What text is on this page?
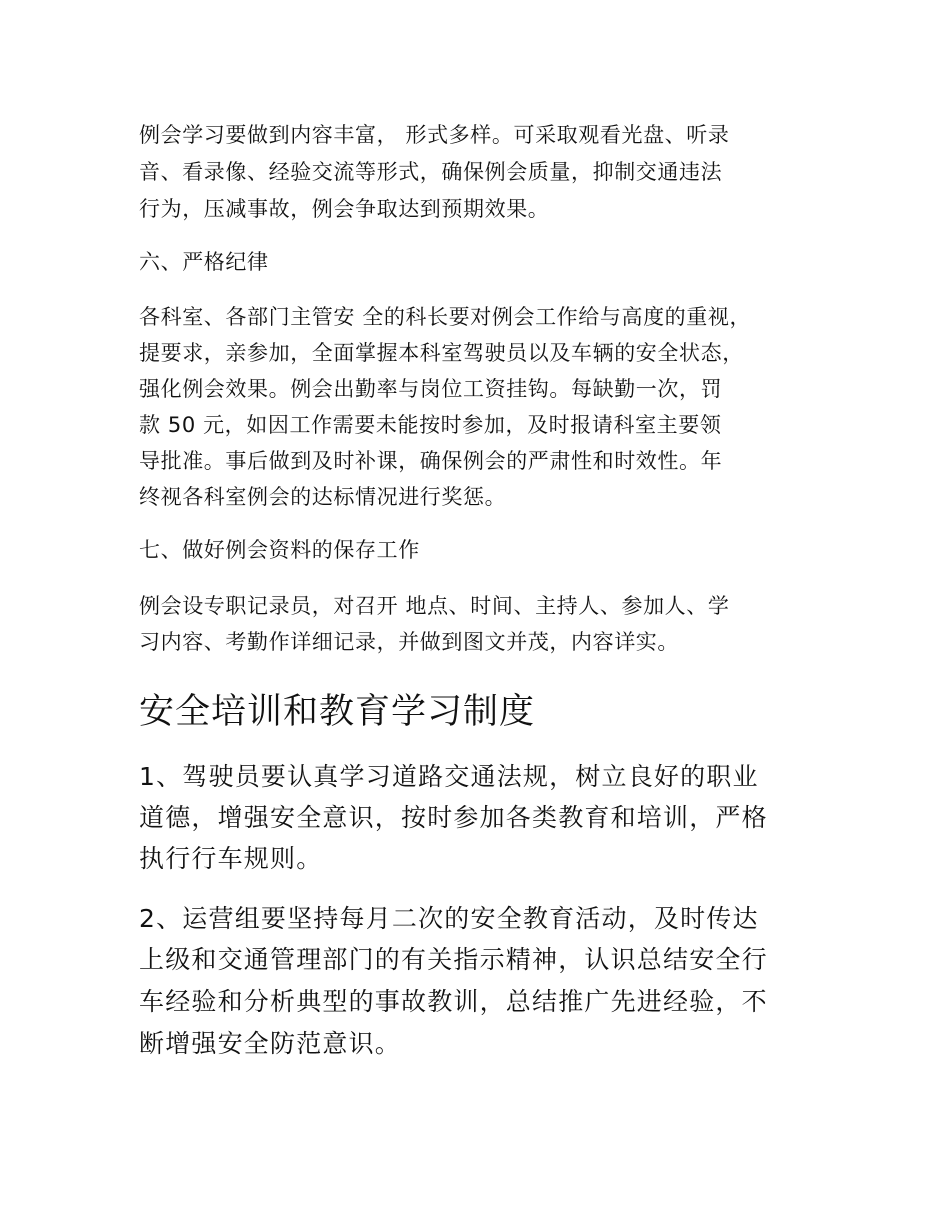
例会学习要做到内容丰富， 形式多样。可采取观看光盘、听录

音、看录像、经验交流等形式，确保例会质量，抑制交通违法

行为，压减事故，例会争取达到预期效果。

六、严格纪律

各科室、各部门主管安 全的科长要对例会工作给与高度的重视，

提要求，亲参加，全面掌握本科室驾驶员以及车辆的安全状态，

强化例会效果。例会出勤率与岗位工资挂钩。每缺勤一次，罚

款 50 元，如因工作需要未能按时参加，及时报请科室主要领

导批准。事后做到及时补课，确保例会的严肃性和时效性。年

终视各科室例会的达标情况进行奖惩。

七、做好例会资料的保存工作

例会设专职记录员，对召开 地点、时间、主持人、参加人、学

习内容、考勤作详细记录，并做到图文并茂，内容详实。

安全培训和教育学习制度

1、驾驶员要认真学习道路交通法规，树立良好的职业

道德，增强安全意识，按时参加各类教育和培训，严格

执行行车规则。

2、运营组要坚持每月二次的安全教育活动，及时传达

上级和交通管理部门的有关指示精神，认识总结安全行

车经验和分析典型的事故教训，总结推广先进经验，不

断增强安全防范意识。
